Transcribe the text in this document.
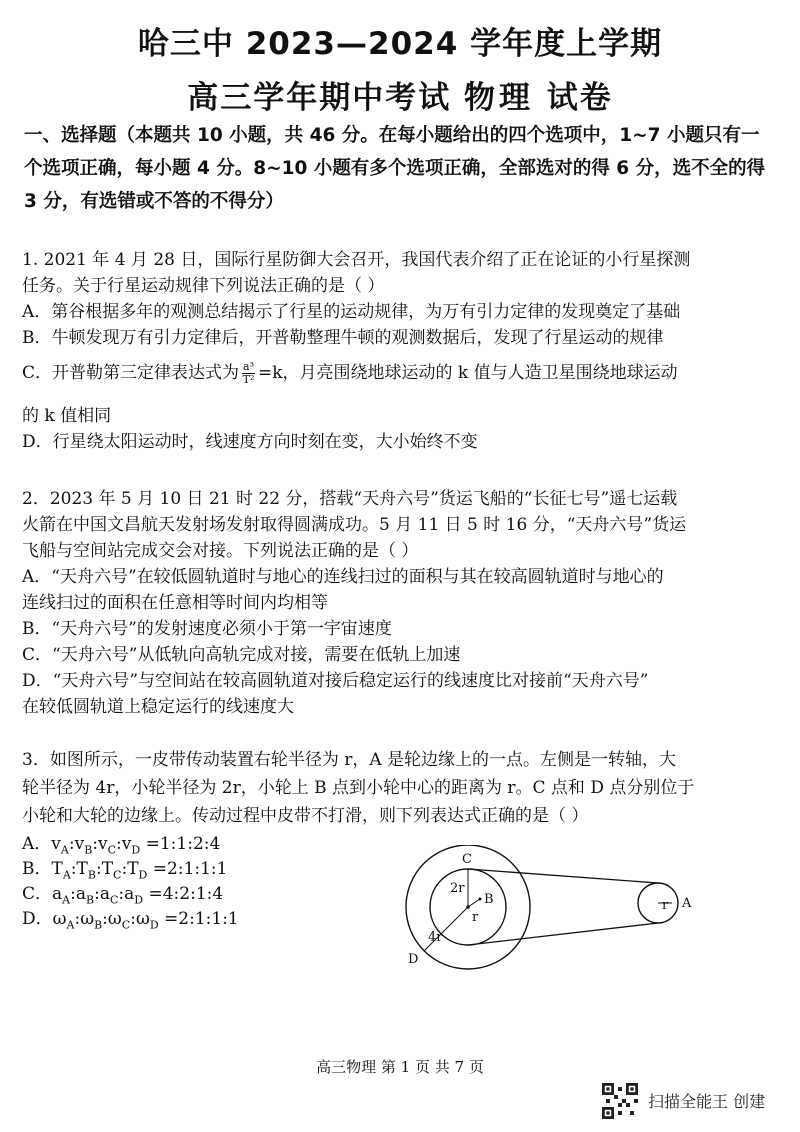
哈三中 2023—2024 学年度上学期
高三学年期中考试 物理 试卷
一、选择题（本题共 10 小题，共 46 分。在每小题给出的四个选项中，1~7 小题只有一
个选项正确，每小题 4 分。8~10 小题有多个选项正确，全部选对的得 6 分，选不全的得
3 分，有选错或不答的不得分）
1. 2021 年 4 月 28 日，国际行星防御大会召开，我国代表介绍了正在论证的小行星探测
任务。关于行星运动规律下列说法正确的是（ ）
A．第谷根据多年的观测总结揭示了行星的运动规律，为万有引力定律的发现奠定了基础
B．牛顿发现万有引力定律后，开普勒整理牛顿的观测数据后，发现了行星运动的规律
C．开普勒第三定律表达式为 $\frac{\text{a³}}{\text{T²}} =k$，月亮围绕地球运动的 k 值与人造卫星围绕地球运动
的 k 值相同
D．行星绕太阳运动时，线速度方向时刻在变，大小始终不变
2．2023 年 5 月 10 日 21 时 22 分，搭载“天舟六号”货运飞船的“长征七号”遥七运载
火箭在中国文昌航天发射场发射取得圆满成功。5 月 11 日 5 时 16 分，“天舟六号”货运
飞船与空间站完成交会对接。下列说法正确的是（ ）
A．“天舟六号”在较低圆轨道时与地心的连线扫过的面积与其在较高圆轨道时与地心的
连线扫过的面积在任意相等时间内均相等
B．“天舟六号”的发射速度必须小于第一宇宙速度
C．“天舟六号”从低轨向高轨完成对接，需要在低轨上加速
D．“天舟六号”与空间站在较高圆轨道对接后稳定运行的线速度比对接前“天舟六号”
在较低圆轨道上稳定运行的线速度大
3．如图所示，一皮带传动装置右轮半径为 r，A 是轮边缘上的一点。左侧是一转轴，大
轮半径为 4r，小轮半径为 2r，小轮上 B 点到小轮中心的距离为 r。C 点和 D 点分别位于
小轮和大轮的边缘上。传动过程中皮带不打滑，则下列表达式正确的是（ ）
A．$v_A:v_B:v_C:v_D$ =1:1:2:4
B．$T_A:T_B:T_C:T_D$ =2:1:1:1
C．$a_A:a_B:a_C:a_D$ =4:2:1:4
D．$\omega_A:\omega_B:\omega_C:\omega_D$ =2:1:1:1
C
B	A
D
2r
r
r
4r
高三物理 第 1 页 共 7 页
扫描全能王 创建
